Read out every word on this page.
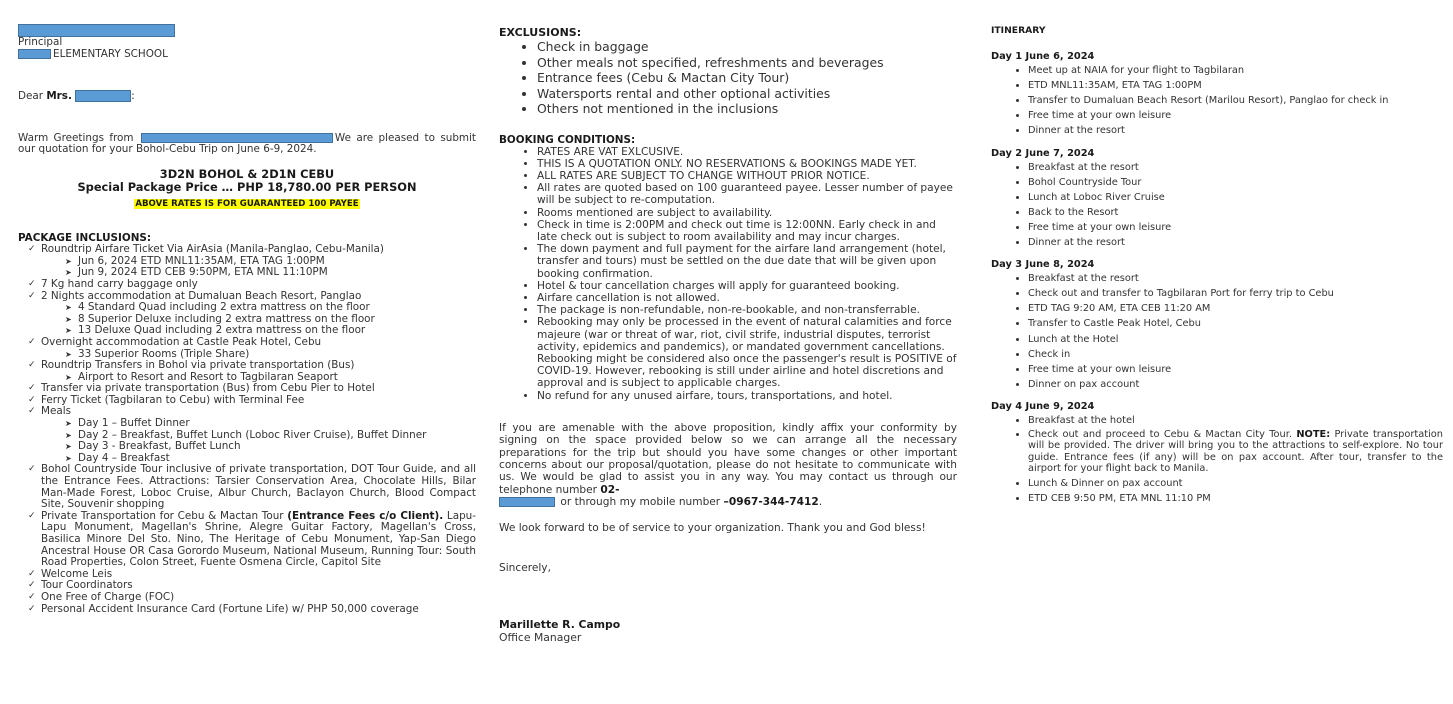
Principal

ELEMENTARY SCHOOL

Dear Mrs.	:

Warm Greetings from	We are pleased to submit our quotation for your Bohol-Cebu Trip on June 6-9, 2024.

3D2N BOHOL & 2D1N CEBU
Special Package Price … PHP 18,780.00 PER PERSON
ABOVE RATES IS FOR GUARANTEED 100 PAYEE
PACKAGE INCLUSIONS:
✓ Roundtrip Airfare Ticket Via AirAsia (Manila-Panglao, Cebu-Manila)
➤ Jun 6, 2024 ETD MNL11:35AM, ETA TAG 1:00PM
➤ Jun 9, 2024 ETD CEB 9:50PM, ETA MNL 11:10PM
✓ 7 Kg hand carry baggage only
✓ 2 Nights accommodation at Dumaluan Beach Resort, Panglao
➤ 4 Standard Quad including 2 extra mattress on the floor
➤ 8 Superior Deluxe including 2 extra mattress on the floor
➤ 13 Deluxe Quad including 2 extra mattress on the floor
✓ Overnight accommodation at Castle Peak Hotel, Cebu
➤ 33 Superior Rooms (Triple Share)
✓ Roundtrip Transfers in Bohol via private transportation (Bus)
➤ Airport to Resort and Resort to Tagbilaran Seaport
✓ Transfer via private transportation (Bus) from Cebu Pier to Hotel
✓ Ferry Ticket (Tagbilaran to Cebu) with Terminal Fee
✓ Meals
➤ Day 1 – Buffet Dinner
➤ Day 2 – Breakfast, Buffet Lunch (Loboc River Cruise), Buffet Dinner
➤ Day 3 - Breakfast, Buffet Lunch
➤ Day 4 – Breakfast
✓ Bohol Countryside Tour inclusive of private transportation, DOT Tour Guide, and all the Entrance Fees. Attractions: Tarsier Conservation Area, Chocolate Hills, Bilar Man-Made Forest, Loboc Cruise, Albur Church, Baclayon Church, Blood Compact Site, Souvenir shopping
✓ Private Transportation for Cebu & Mactan Tour (Entrance Fees c/o Client). Lapu-Lapu Monument, Magellan's Shrine, Alegre Guitar Factory, Magellan's Cross, Basilica Minore Del Sto. Nino, The Heritage of Cebu Monument, Yap-San Diego Ancestral House OR Casa Gorordo Museum, National Museum, Running Tour: South Road Properties, Colon Street, Fuente Osmena Circle, Capitol Site
✓ Welcome Leis
✓ Tour Coordinators
✓ One Free of Charge (FOC)
✓ Personal Accident Insurance Card (Fortune Life) w/ PHP 50,000 coverage
EXCLUSIONS:
• Check in baggage
• Other meals not specified, refreshments and beverages
• Entrance fees (Cebu & Mactan City Tour)
• Watersports rental and other optional activities
• Others not mentioned in the inclusions
BOOKING CONDITIONS:
• RATES ARE VAT EXLCUSIVE.
• THIS IS A QUOTATION ONLY. NO RESERVATIONS & BOOKINGS MADE YET.
• ALL RATES ARE SUBJECT TO CHANGE WITHOUT PRIOR NOTICE.
• All rates are quoted based on 100 guaranteed payee. Lesser number of payee will be subject to re-computation.
• Rooms mentioned are subject to availability.
• Check in time is 2:00PM and check out time is 12:00NN. Early check in and late check out is subject to room availability and may incur charges.
• The down payment and full payment for the airfare land arrangement (hotel, transfer and tours) must be settled on the due date that will be given upon booking confirmation.
• Hotel & tour cancellation charges will apply for guaranteed booking.
• Airfare cancellation is not allowed.
• The package is non-refundable, non-re-bookable, and non-transferrable.
• Rebooking may only be processed in the event of natural calamities and force majeure (war or threat of war, riot, civil strife, industrial disputes, terrorist activity, epidemics and pandemics), or mandated government cancellations. Rebooking might be considered also once the passenger's result is POSITIVE of COVID-19. However, rebooking is still under airline and hotel discretions and approval and is subject to applicable charges.
• No refund for any unused airfare, tours, transportations, and hotel.

If you are amenable with the above proposition, kindly affix your conformity by signing on the space provided below so we can arrange all the necessary preparations for the trip but should you have some changes or other important concerns about our proposal/quotation, please do not hesitate to communicate with us. We would be glad to assist you in any way. You may contact us through our telephone number 02-
or through my mobile number –0967-344-7412.

We look forward to be of service to your organization. Thank you and God bless!

Sincerely,

Marillette R. Campo
Office Manager
ITINERARY
Day 1 June 6, 2024
• Meet up at NAIA for your flight to Tagbilaran
• ETD MNL11:35AM, ETA TAG 1:00PM
• Transfer to Dumaluan Beach Resort (Marilou Resort), Panglao for check in
• Free time at your own leisure
• Dinner at the resort
Day 2 June 7, 2024
• Breakfast at the resort
• Bohol Countryside Tour
• Lunch at Loboc River Cruise
• Back to the Resort
• Free time at your own leisure
• Dinner at the resort
Day 3 June 8, 2024
• Breakfast at the resort
• Check out and transfer to Tagbilaran Port for ferry trip to Cebu
• ETD TAG 9:20 AM, ETA CEB 11:20 AM
• Transfer to Castle Peak Hotel, Cebu
• Lunch at the Hotel
• Check in
• Free time at your own leisure
• Dinner on pax account
Day 4 June 9, 2024
• Breakfast at the hotel
• Check out and proceed to Cebu & Mactan City Tour. NOTE: Private transportation will be provided. The driver will bring you to the attractions to self-explore. No tour guide. Entrance fees (if any) will be on pax account. After tour, transfer to the airport for your flight back to Manila.
• Lunch & Dinner on pax account
• ETD CEB 9:50 PM, ETA MNL 11:10 PM
